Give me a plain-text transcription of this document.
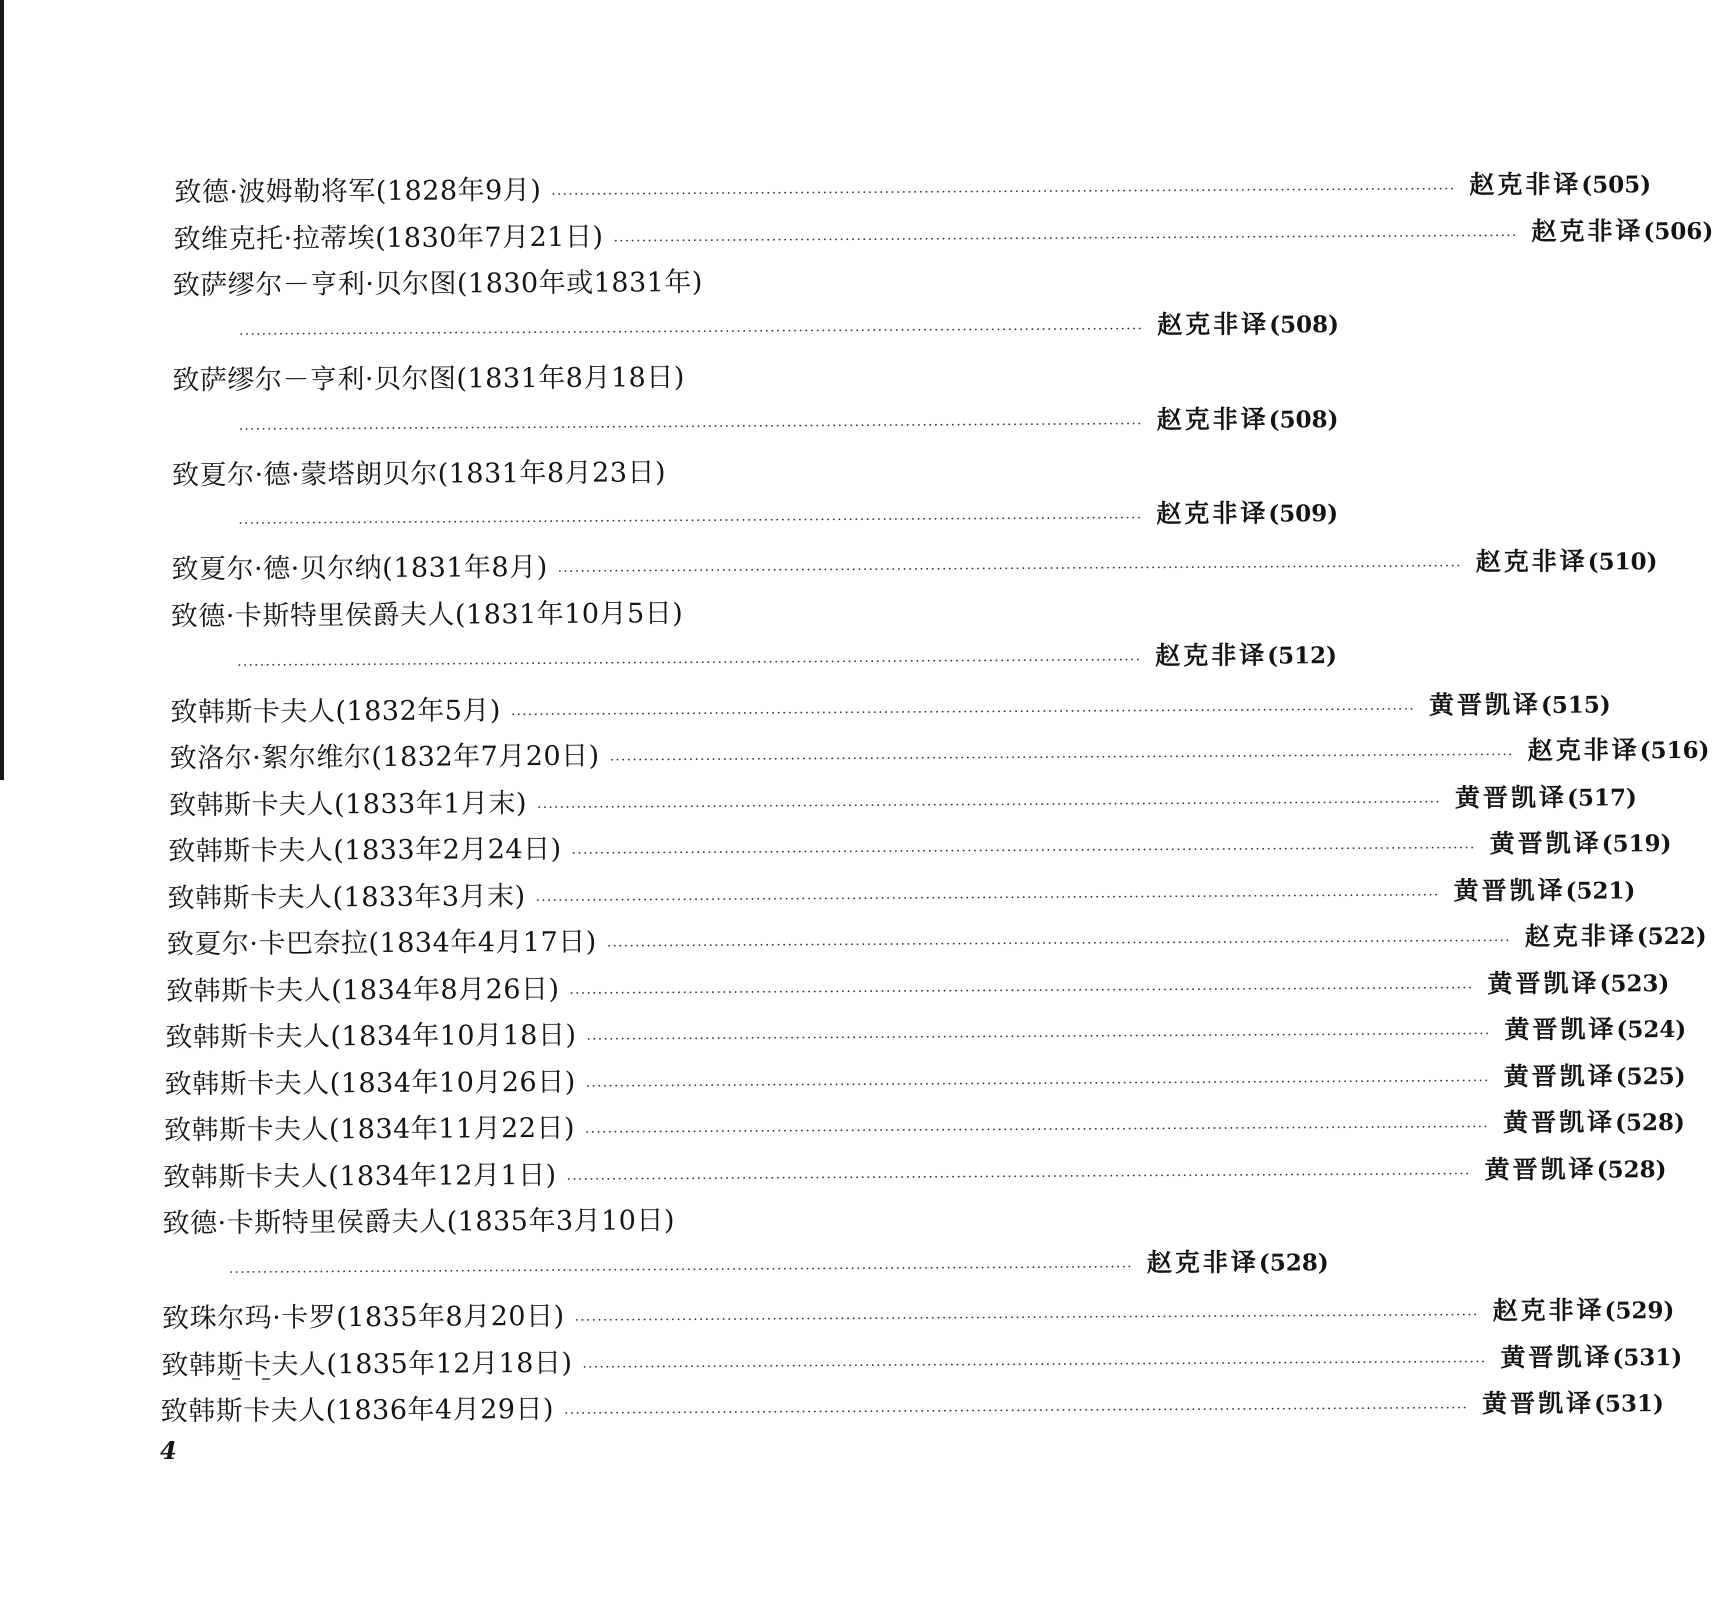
致德·波姆勒将军(1828年9月) ································································································································································ 赵克非译 (505)
致维克托·拉蒂埃(1830年7月21日) ································································································································································ 赵克非译 (506)
致萨缪尔－亨利·贝尔图(1830年或1831年)
································································································································································ 赵克非译 (508)
致萨缪尔－亨利·贝尔图(1831年8月18日)
································································································································································ 赵克非译 (508)
致夏尔·德·蒙塔朗贝尔(1831年8月23日)
································································································································································ 赵克非译 (509)
致夏尔·德·贝尔纳(1831年8月) ································································································································································ 赵克非译 (510)
致德·卡斯特里侯爵夫人(1831年10月5日)
································································································································································ 赵克非译 (512)
致韩斯卡夫人(1832年5月) ································································································································································ 黄晋凯译 (515)
致洛尔·絮尔维尔(1832年7月20日) ································································································································································ 赵克非译 (516)
致韩斯卡夫人(1833年1月末) ································································································································································ 黄晋凯译 (517)
致韩斯卡夫人(1833年2月24日) ································································································································································ 黄晋凯译 (519)
致韩斯卡夫人(1833年3月末) ································································································································································ 黄晋凯译 (521)
致夏尔·卡巴奈拉(1834年4月17日) ································································································································································ 赵克非译 (522)
致韩斯卡夫人(1834年8月26日) ································································································································································ 黄晋凯译 (523)
致韩斯卡夫人(1834年10月18日) ································································································································································ 黄晋凯译 (524)
致韩斯卡夫人(1834年10月26日) ································································································································································ 黄晋凯译 (525)
致韩斯卡夫人(1834年11月22日) ································································································································································ 黄晋凯译 (528)
致韩斯卡夫人(1834年12月1日) ································································································································································ 黄晋凯译 (528)
致德·卡斯特里侯爵夫人(1835年3月10日)
································································································································································ 赵克非译 (528)
致珠尔玛·卡罗(1835年8月20日) ································································································································································ 赵克非译 (529)
致韩斯卡夫人(1835年12月18日) ································································································································································ 黄晋凯译 (531)
致韩斯卡夫人(1836年4月29日) ································································································································································ 黄晋凯译 (531)
4
